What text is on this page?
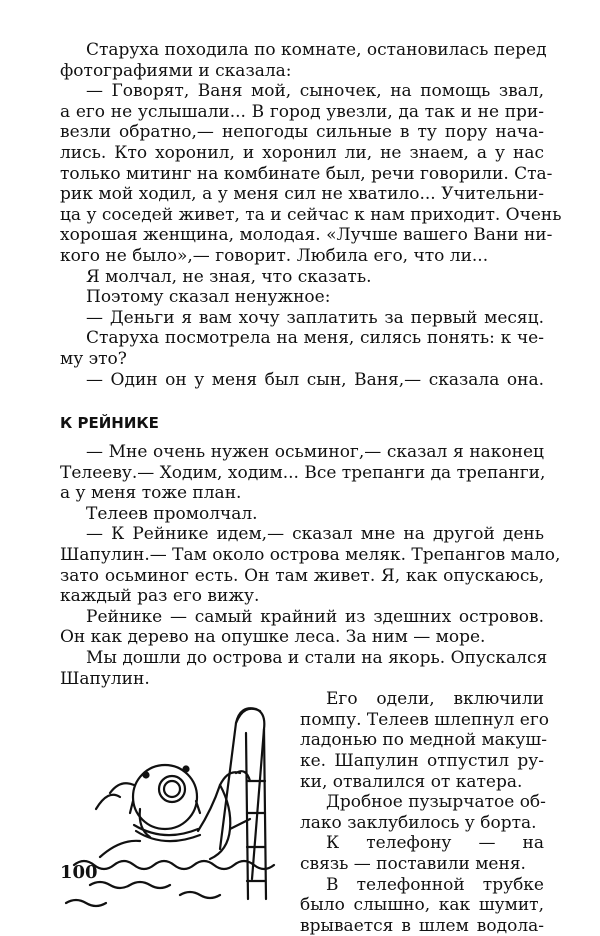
Старуха походила по комнате, остановилась перед
фотографиями и сказала:
— Говорят, Ваня мой, сыночек, на помощь звал,
а его не услышали... В город увезли, да так и не при-
везли обратно,— непогоды сильные в ту пору нача-
лись. Кто хоронил, и хоронил ли, не знаем, а у нас
только митинг на комбинате был, речи говорили. Ста-
рик мой ходил, а у меня сил не хватило... Учительни-
ца у соседей живет, та и сейчас к нам приходит. Очень
хорошая женщина, молодая. «Лучше вашего Вани ни-
кого не было»,— говорит. Любила его, что ли...
Я молчал, не зная, что сказать.
Поэтому сказал ненужное:
— Деньги я вам хочу заплатить за первый месяц.
Старуха посмотрела на меня, силясь понять: к че-
му это?
— Один он у меня был сын, Ваня,— сказала она.
К РЕЙНИКЕ
— Мне очень нужен осьминог,— сказал я наконец
Телееву.— Ходим, ходим... Все трепанги да трепанги,
а у меня тоже план.
Телеев промолчал.
— К Рейнике идем,— сказал мне на другой день
Шапулин.— Там около острова меляк. Трепангов мало,
зато осьминог есть. Он там живет. Я, как опускаюсь,
каждый раз его вижу.
Рейнике — самый крайний из здешних островов.
Он как дерево на опушке леса. За ним — море.
Мы дошли до острова и стали на якорь. Опускался
Шапулин.
Его одели, включили
помпу. Телеев шлепнул его
ладонью по медной макуш-
ке. Шапулин отпустил ру-
ки, отвалился от катера.
Дробное пузырчатое об-
лако заклубилось у борта.
К телефону — на
связь — поставили меня.
В телефонной трубке
было слышно, как шумит,
врывается в шлем водола-
100
